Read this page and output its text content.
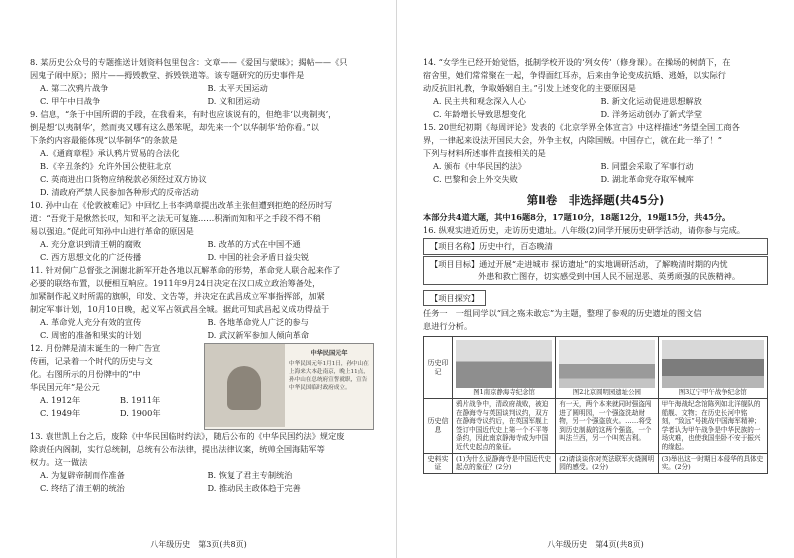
8. 某历史公众号的专题推送计划资料包里包含：文章——《爱国与蒙昧》；揭帖——《只

因鬼子闹中原》；照片——拇毁教堂、拆毁铁道等。该专题研究的历史事件是

A. 第二次鸦片战争	B. 太平天国运动
C. 甲午中日战争	D. 义和团运动

9. 信息，“条于中国所谓的手段，在我看来，有时也应该说有的，但绝非‘以夷制夷’，

倒是想‘以夷制华’，然而夷又哪有这么愚笨呢，却先来一个‘以华制华’给你看。”以

下条约内容最能体现“以华制华”的条款是

A.《通商章程》承认鸦片贸易的合法化
B.《辛丑条约》允许外国公使驻北京
C. 英商进出口货物应纳税款必须经过双方协议
D. 清政府严禁人民参加各种形式的反帝活动

10. 孙中山在《伦敦被难记》中回忆上书李鸿章提出改革主张但遭到拒绝的经历时写

道：“吾党于是愀然长叹，知和平之法无可复施……积渐而知和平之手段不得不稍

易以强迫。”促此可知孙中山进行革命的原因是

A. 充分意识到清王朝的腐败	B. 改革的方式在中国不通
C. 西方思想文化的广泛传播	D. 中国的社会矛盾日益尖锐

11. 针对侗广总督张之洞谢北新军开赴各地以瓦解革命的形势，革命党人联合起来作了

必要的联络布置，以便相互响应。1911年9月24日决定在汉口成立政治筹备处，

加紧制作起义时所需的旗帜，印发、文告等，并决定在武昌成立军事指挥部，加紧

制定军事计划，10月10日晚，起义军占领武昌全城。据此可知武昌起义成功得益于

A. 革命党人充分有效的宣传	B. 各地革命党人广泛的参与
C. 周密的准备和果实的计划	D. 武汉新军参加人倾向革命

12. 月份牌是清末诞生的一种广告宣

传画，记录着一个时代的历史与文

化。右图所示的月份牌中的“中

华民国元年”是公元

A. 1912年	B. 1911年
C. 1949年	D. 1900年
中华民国元年
中华民国元年1月1日，孙中山在上海来大本赴南京，晚上11点，孙中山在总统府宣誓就职，宣告中华民国临时政府成立。

13. 袁世凯上台之后，废除《中华民国临时约法》，随后公布的《中华民国约法》规定废

除责任内阁制，实行总统制，总统有公布法律，提出法律议案，统帅全国海陆军等

权力。这一做法

A. 为复辟帝制而作准备	B. 恢复了君主专制统治
C. 终结了清王朝的统治	D. 推动民主政体趋于完善
八年级历史　第3页(共8页)

14. “女学生已经开始觉悟，抵制学校开设的‘列女传’（修身课）。在操场的树荫下，在

宿舍里，她们常常聚在一起，争得面红耳赤，后来由争论变成抗婚、逃婚，以实际行

动反抗旧礼教，争取婚姻自主。”引发上述变化的主要原因是

A. 民主共和观念深入人心	B. 新文化运动促进思想解放
C. 年龄增长导致思想变化	D. 洋务运动创办了新式学堂

15. 20世纪初期《每周评论》发表的《北京学界全体宣言》中这样描述“务望全国工商各

界，一律起来设法开国民大会，外争主权，内除国贼。中国存亡，就在此一举了！”

下列与材料所述事件直接相关的是

A. 颁布《中华民国约法》	B. 同盟会采取了军事行动
C. 巴黎和会上外交失败	D. 湖北革命党夺取军械库
第Ⅱ卷　非选择题(共45分)
本部分共4道大题，其中16题8分，17题10分，18题12分，19题15分，共45分。
16. 纵观实进近历史，走访历史遗址。八年级(2)同学开展历史研学活动，请你参与完成。
【项目名称】历史中行，百态晚清
【项目目标】通过开展“走进城市 探访遗址”的实地调研活动，了解晚清时期的内忧
外患和救亡图存，切实感受到中国人民不屈逞恶、英勇顽强的民族精神。
【项目探究】

任务一　一组同学以“回之殇未敢忘”为主题，整理了参观的历史遗址的图文信

息进行分析。

历史印记	图1南京静海寺纪念馆	图2北京圆明园遗址公园	图3辽宁甲午战争纪念馆

历史信息	鸦片战争中，清政府战败，被迫在静海寺与英国谈判议约，双方在静海寺议约后，在英国军舰上签订中国近代史上第一个不平等条约，因此南京静海寺成为中国近代史起点的象征。	有一天，两个本来就同时强盗闯进了圆明园，一个强盗洗劫财物，另一个强盗放火。……将受到历史制裁的这两个强盗，一个叫法兰西，另一个叫英吉利。	甲午海战纪念馆陈列如北洋舰队的船舰、文物；在历史长河中铭刻，“致远”号挑战中国海军精神；学者认为甲午战争是中华民族的一场灾难，也使我国坐卧不安于振兴的缘起。
史料实证	(1)为什么说静海寺是中国近代史起点的象征？(2分)	(2)请谈谈你对英法联军火烧圆明园的感受。(2分)	(3)举出这一时期日本侵华的具体史实。(2分)
八年级历史　第4页(共8页)
